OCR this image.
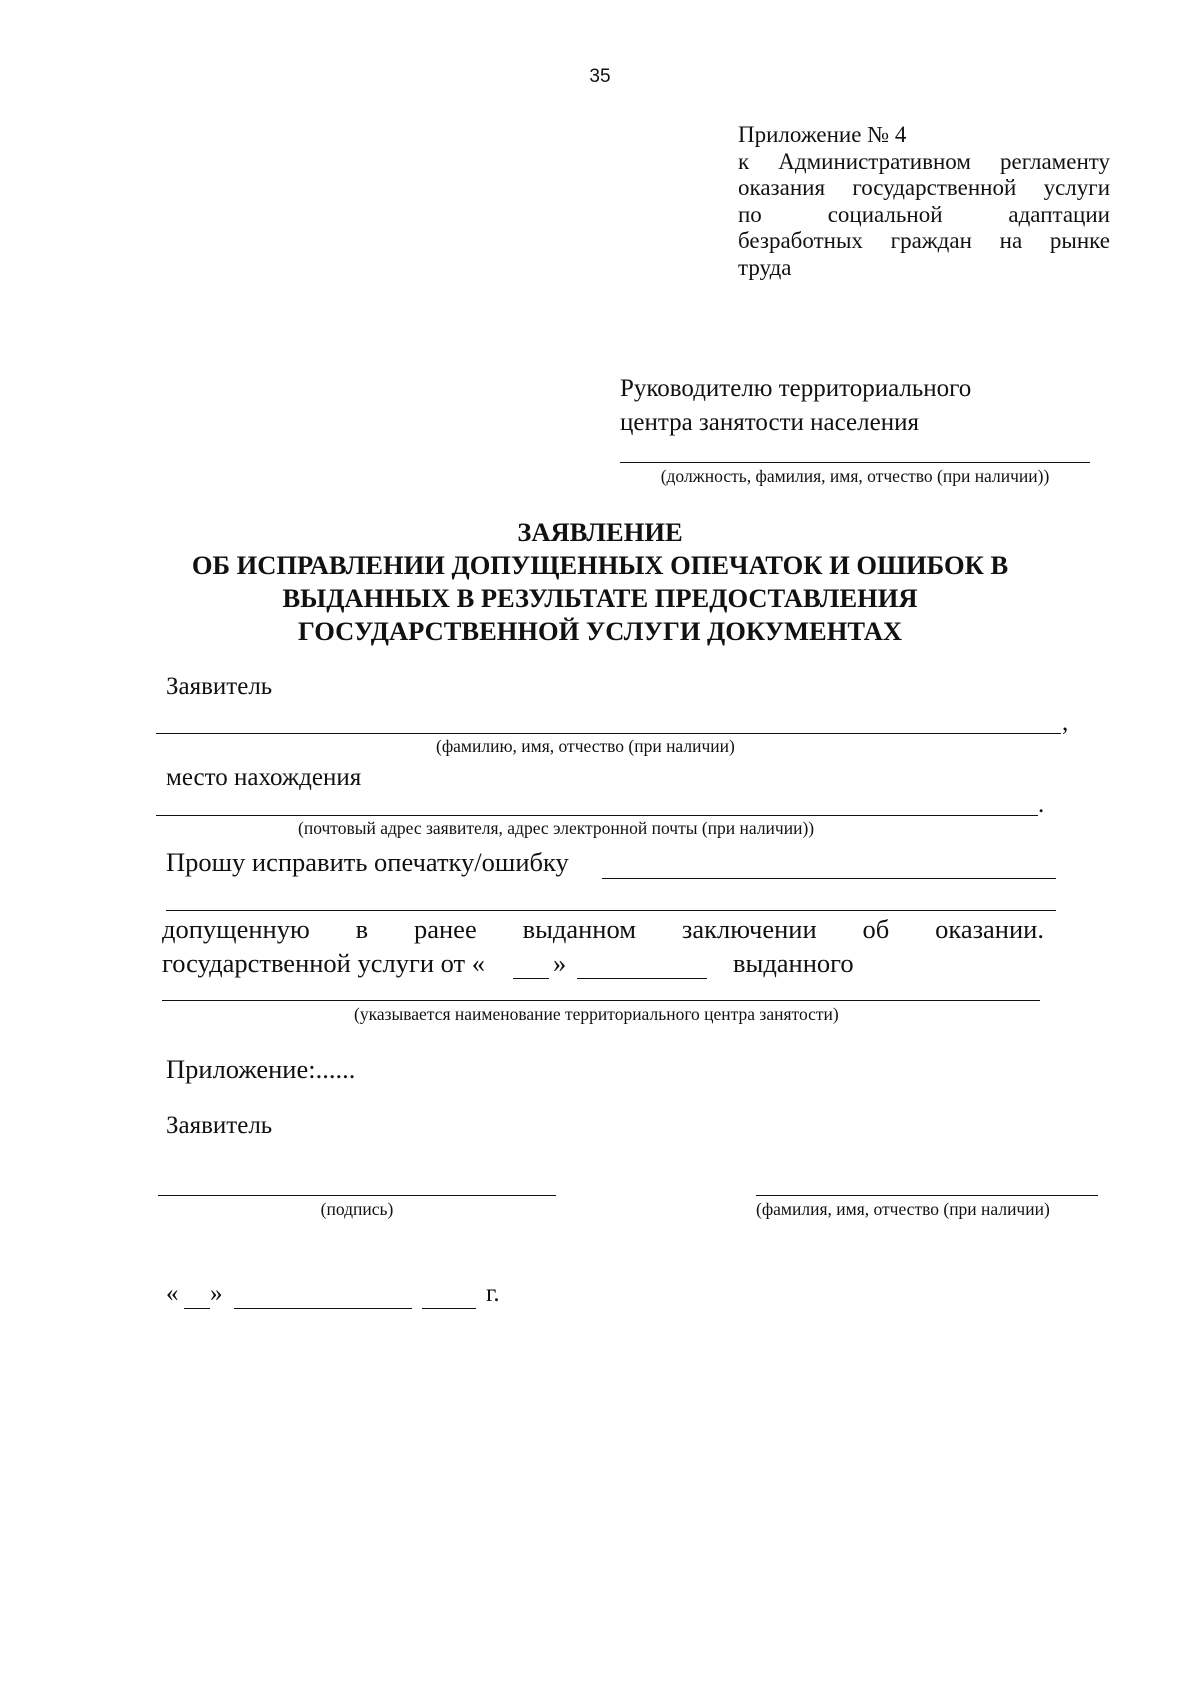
35
Приложение № 4
к Административном регламенту
оказания государственной услуги
по социальной адаптации
безработных граждан на рынке
труда
Руководителю территориального
центра занятости населения
(должность, фамилия, имя, отчество (при наличии))
ЗАЯВЛЕНИЕ
ОБ ИСПРАВЛЕНИИ ДОПУЩЕННЫХ ОПЕЧАТОК И ОШИБОК В
ВЫДАННЫХ В РЕЗУЛЬТАТЕ ПРЕДОСТАВЛЕНИЯ
ГОСУДАРСТВЕННОЙ УСЛУГИ ДОКУМЕНТАХ
Заявитель
,
(фамилию, имя, отчество (при наличии)
место нахождения
.
(почтовый адрес заявителя, адрес электронной почты (при наличии))
Прошу исправить опечатку/ошибку
допущенную в ранее выданном заключении об оказании.
государственной услуги от «	»	выданного
(указывается наименование территориального центра занятости)
Приложение:......
Заявитель
(подпись)	(фамилия, имя, отчество (при наличии)
« »	г.
